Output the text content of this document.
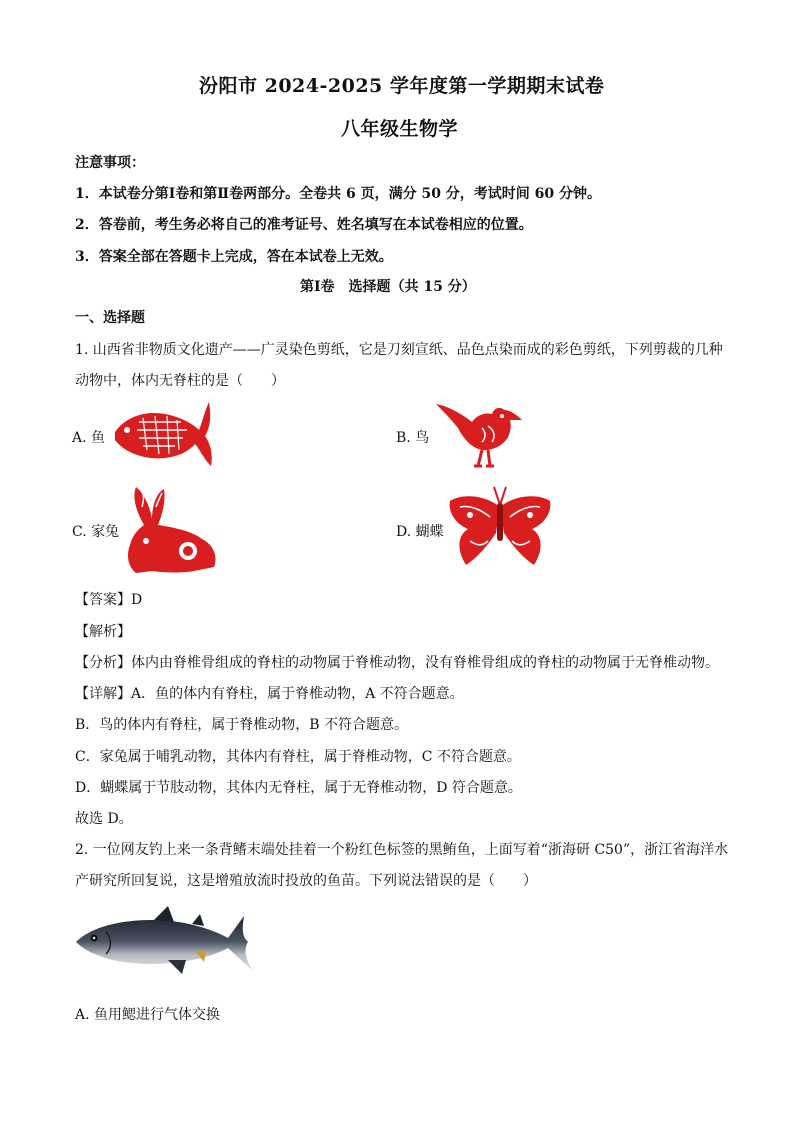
汾阳市 2024-2025 学年度第一学期期末试卷
八年级生物学
注意事项：
1．本试卷分第Ⅰ卷和第Ⅱ卷两部分。全卷共 6 页，满分 50 分，考试时间 60 分钟。
2．答卷前，考生务必将自己的准考证号、姓名填写在本试卷相应的位置。
3．答案全部在答题卡上完成，答在本试卷上无效。
第Ⅰ卷　选择题（共 15 分）
一、选择题
1. 山西省非物质文化遗产——广灵染色剪纸，它是刀刻宣纸、品色点染而成的彩色剪纸，下列剪裁的几种
动物中，体内无脊柱的是（　　）
A. 鱼	B. 鸟
C. 家兔	D. 蝴蝶
【答案】D
【解析】
【分析】体内由脊椎骨组成的脊柱的动物属于脊椎动物，没有脊椎骨组成的脊柱的动物属于无脊椎动物。
【详解】A．鱼的体内有脊柱，属于脊椎动物，A 不符合题意。
B．鸟的体内有脊柱，属于脊椎动物，B 不符合题意。
C．家兔属于哺乳动物，其体内有脊柱，属于脊椎动物，C 不符合题意。
D．蝴蝶属于节肢动物，其体内无脊柱，属于无脊椎动物，D 符合题意。
故选 D。
2. 一位网友钓上来一条背鳍末端处挂着一个粉红色标签的黑鲔鱼，上面写着“浙海研 C50”，浙江省海洋水
产研究所回复说，这是增殖放流时投放的鱼苗。下列说法错误的是（　　）
A. 鱼用鳃进行气体交换
